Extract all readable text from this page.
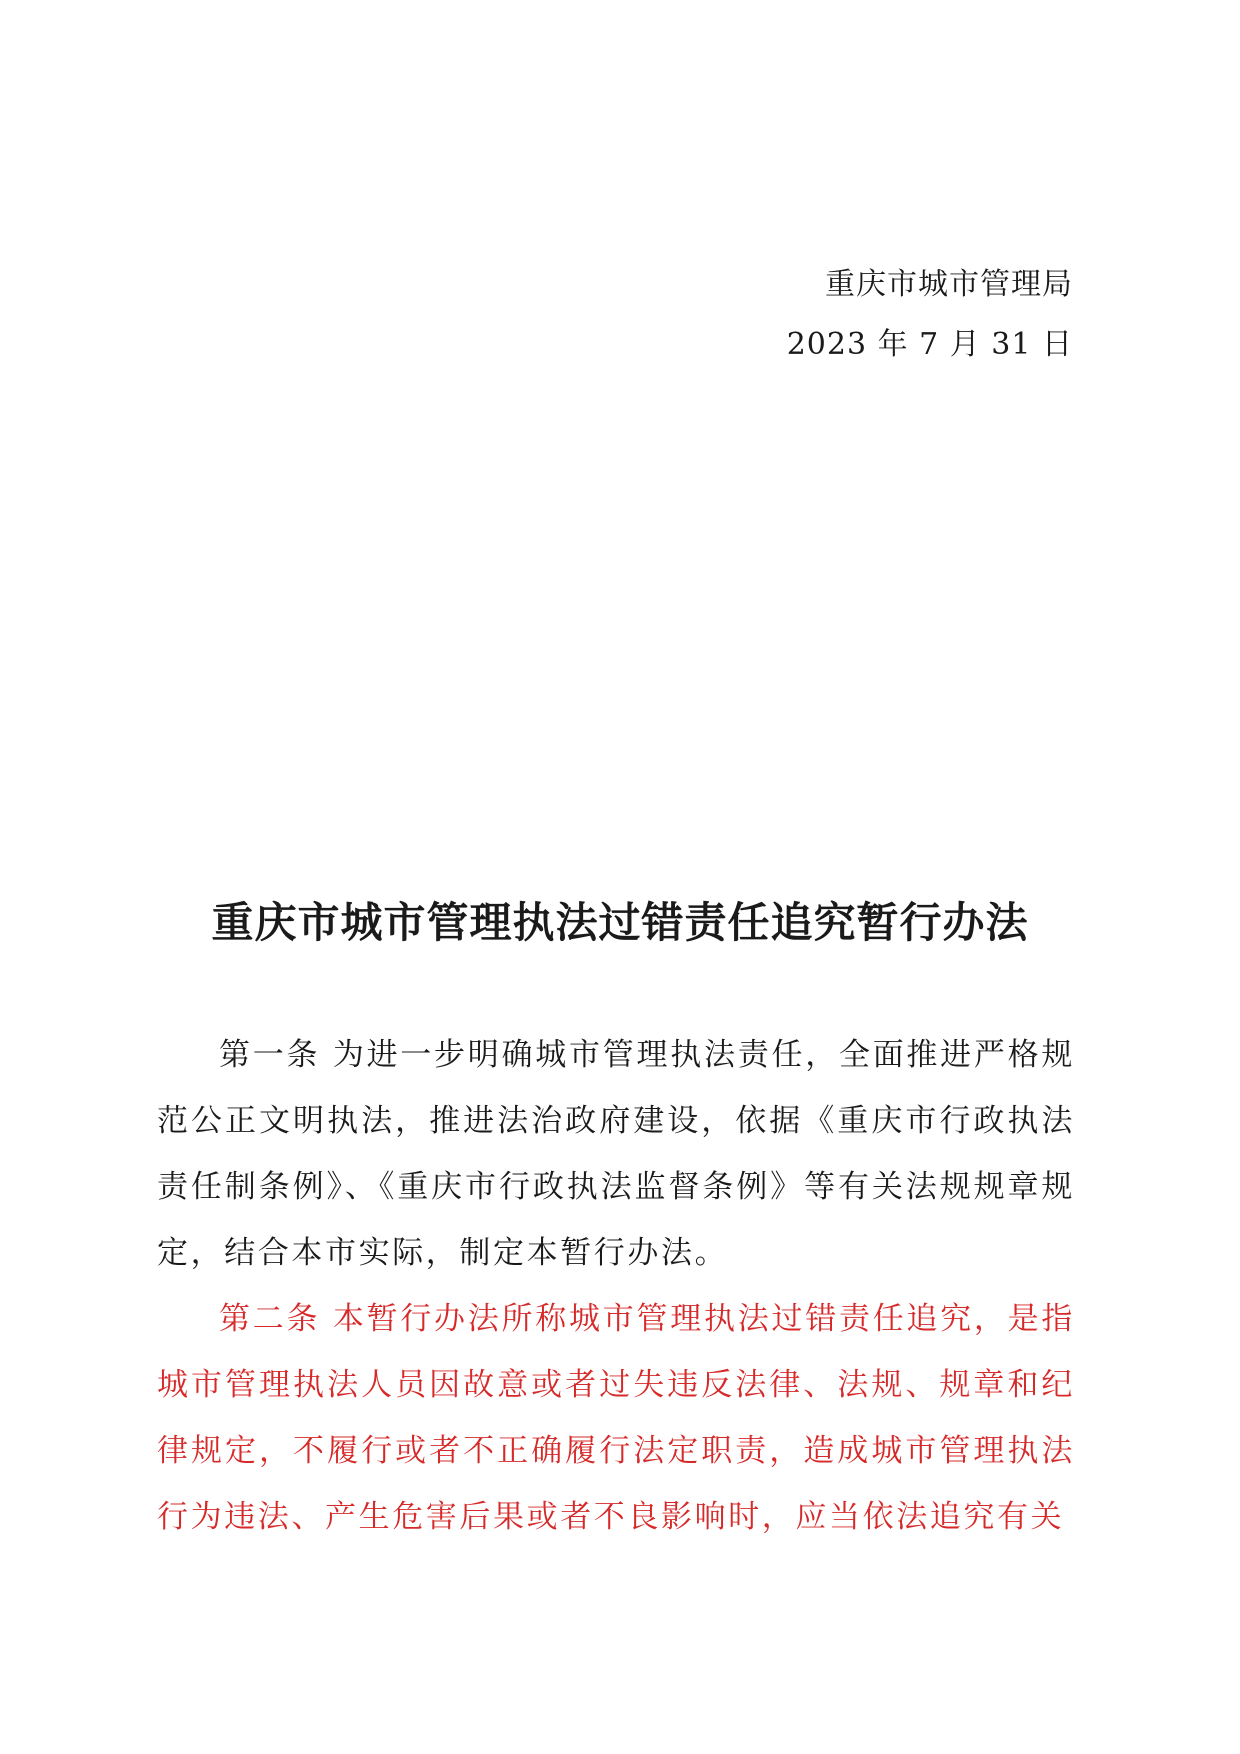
重庆市城市管理局
2023 年 7 月 31 日
重庆市城市管理执法过错责任追究暂行办法

第一条 为进一步明确城市管理执法责任，全面推进严格规范公正文明执法，推进法治政府建设，依据《重庆市行政执法责任制条例》、《重庆市行政执法监督条例》等有关法规规章规定，结合本市实际，制定本暂行办法。

第二条 本暂行办法所称城市管理执法过错责任追究，是指城市管理执法人员因故意或者过失违反法律、法规、规章和纪律规定，不履行或者不正确履行法定职责，造成城市管理执法行为违法、产生危害后果或者不良影响时，应当依法追究有关
